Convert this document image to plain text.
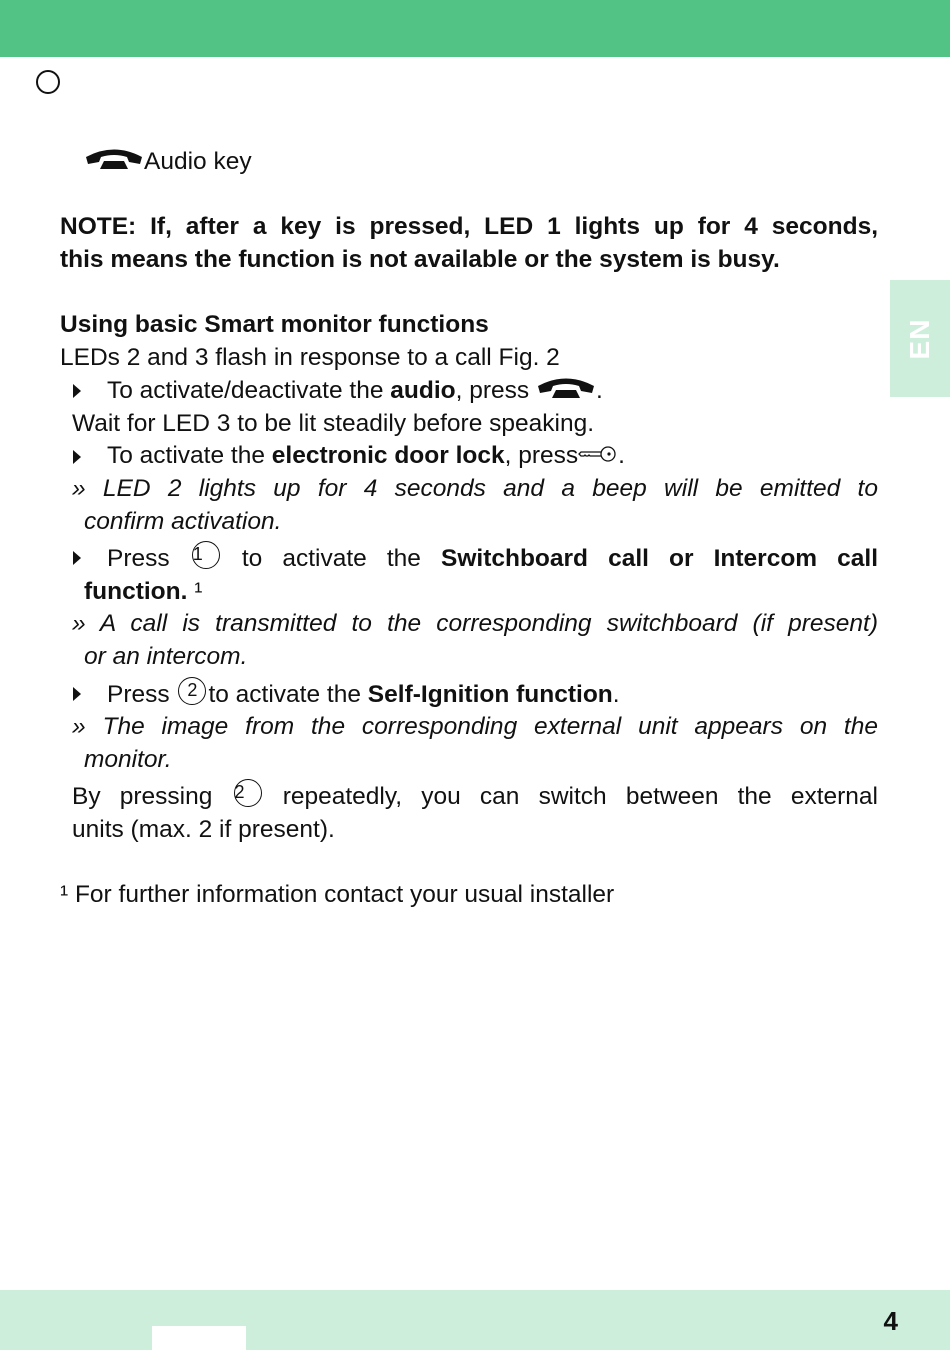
EN
Audio key
NOTE: If, after a key is pressed, LED 1 lights up for 4 seconds,
this means the function is not available or the system is busy.
Using basic Smart monitor functions
LEDs 2 and 3 flash in response to a call Fig. 2
To activate/deactivate the audio, press .
Wait for LED 3 to be lit steadily before speaking.
To activate the electronic door lock, press .
» LED 2 lights up for 4 seconds and a beep will be emitted to
confirm activation.
Press 1 to activate the Switchboard call or Intercom call
function. ¹
» A call is transmitted to the corresponding switchboard (if present)
or an intercom.
Press 2 to activate the Self-Ignition function.
» The image from the corresponding external unit appears on the
monitor.
By pressing 2 repeatedly, you can switch between the external
units (max. 2 if present).
¹ For further information contact your usual installer
4
